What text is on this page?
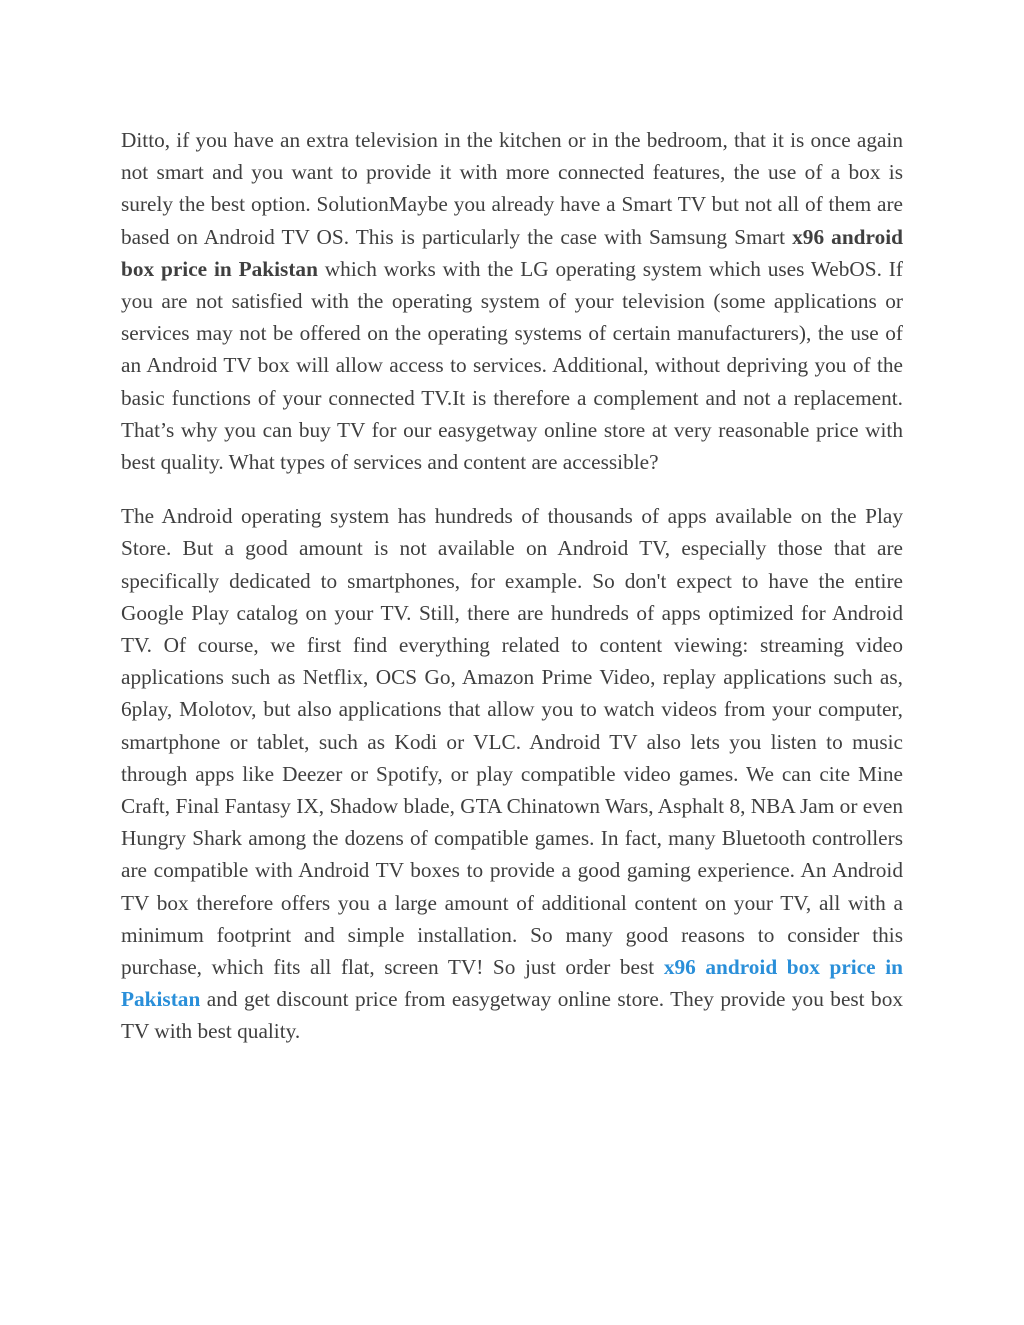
Ditto, if you have an extra television in the kitchen or in the bedroom, that it is once again not smart and you want to provide it with more connected features, the use of a box is surely the best option. SolutionMaybe you already have a Smart TV but not all of them are based on Android TV OS. This is particularly the case with Samsung Smart x96 android box price in Pakistan which works with the LG operating system which uses WebOS. If you are not satisfied with the operating system of your television (some applications or services may not be offered on the operating systems of certain manufacturers), the use of an Android TV box will allow access to services. Additional, without depriving you of the basic functions of your connected TV.It is therefore a complement and not a replacement. That’s why you can buy TV for our easygetway online store at very reasonable price with best quality. What types of services and content are accessible?

The Android operating system has hundreds of thousands of apps available on the Play Store. But a good amount is not available on Android TV, especially those that are specifically dedicated to smartphones, for example. So don't expect to have the entire Google Play catalog on your TV. Still, there are hundreds of apps optimized for Android TV. Of course, we first find everything related to content viewing: streaming video applications such as Netflix, OCS Go, Amazon Prime Video, replay applications such as, 6play, Molotov, but also applications that allow you to watch videos from your computer, smartphone or tablet, such as Kodi or VLC. Android TV also lets you listen to music through apps like Deezer or Spotify, or play compatible video games. We can cite Mine Craft, Final Fantasy IX, Shadow blade, GTA Chinatown Wars, Asphalt 8, NBA Jam or even Hungry Shark among the dozens of compatible games. In fact, many Bluetooth controllers are compatible with Android TV boxes to provide a good gaming experience. An Android TV box therefore offers you a large amount of additional content on your TV, all with a minimum footprint and simple installation. So many good reasons to consider this purchase, which fits all flat, screen TV! So just order best x96 android box price in Pakistan and get discount price from easygetway online store. They provide you best box TV with best quality.
